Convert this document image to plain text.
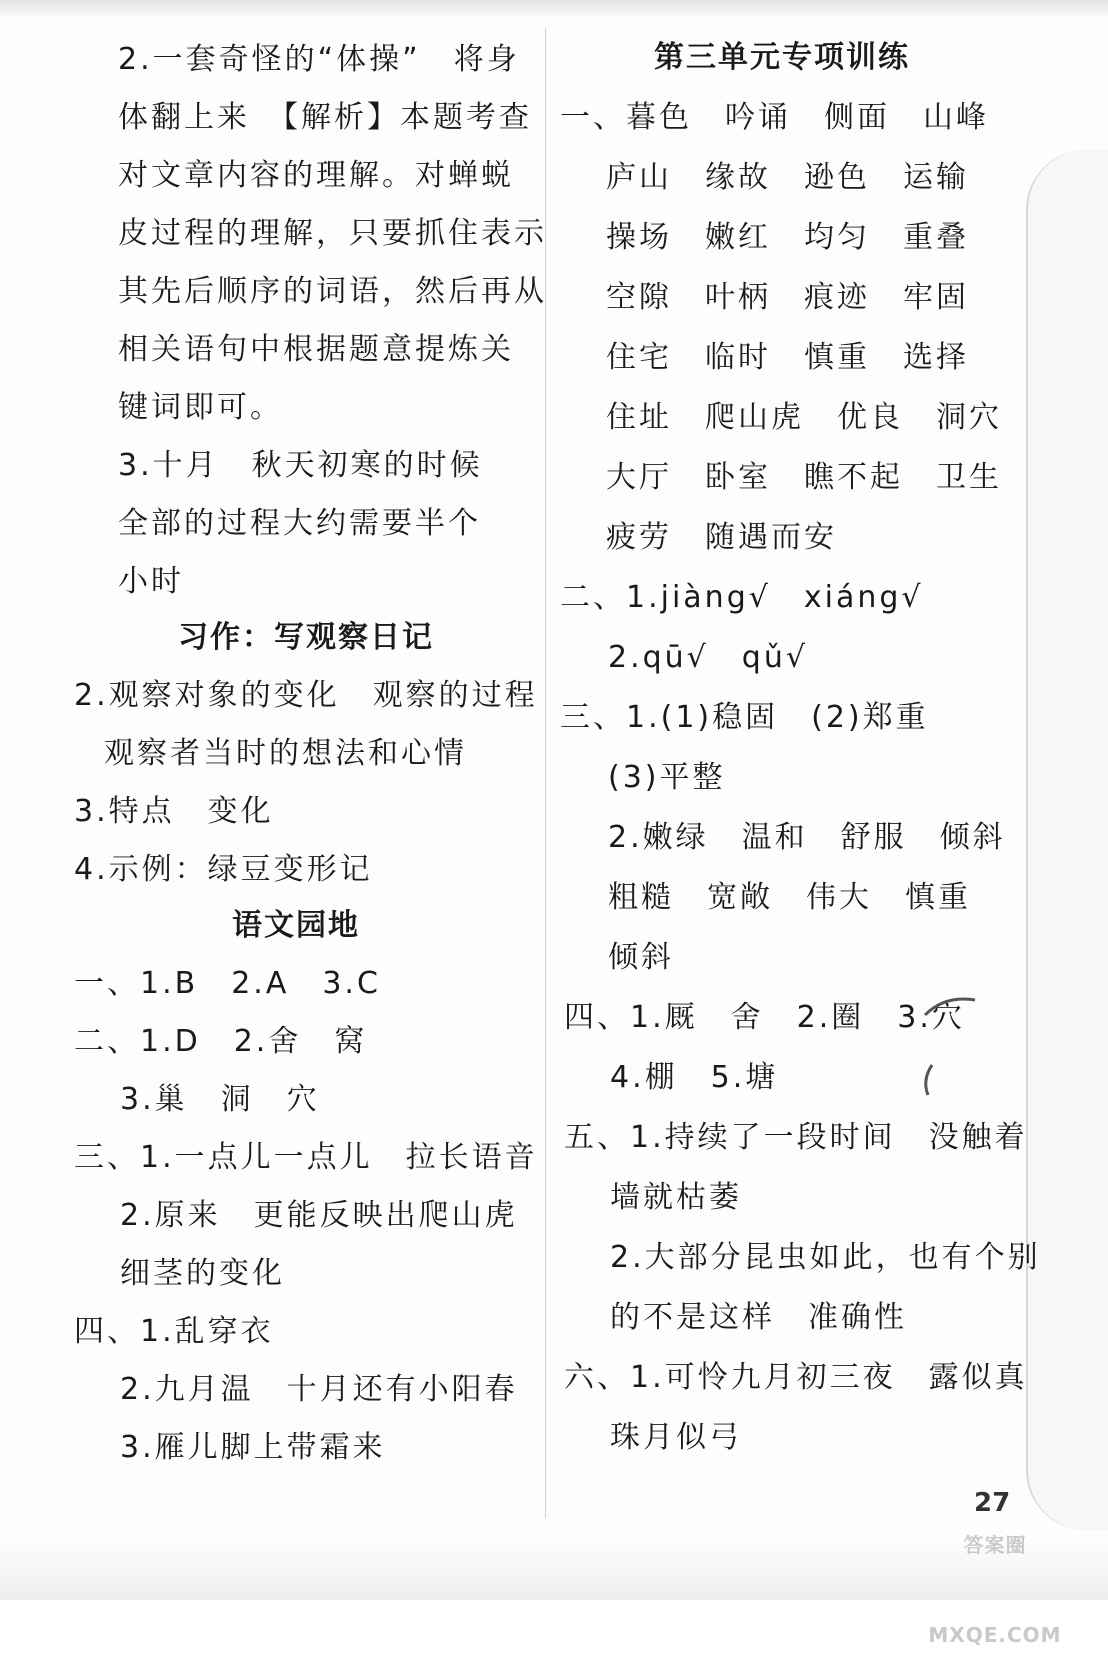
2.一套奇怪的“体操”　将身
体翻上来　【解析】本题考查
对文章内容的理解。对蝉蜕
皮过程的理解，只要抓住表示
其先后顺序的词语，然后再从
相关语句中根据题意提炼关
键词即可。
3.十月　秋天初寒的时候
全部的过程大约需要半个
小时
习作：写观察日记
2.观察对象的变化　观察的过程
观察者当时的想法和心情
3.特点　变化
4.示例：绿豆变形记
语文园地
一、1.B　2.A　3.C
二、1.D　2.舍　窝
3.巢　洞　穴
三、1.一点儿一点儿　拉长语音
2.原来　更能反映出爬山虎
细茎的变化
四、1.乱穿衣
2.九月温　十月还有小阳春
3.雁儿脚上带霜来
第三单元专项训练
一、暮色　吟诵　侧面　山峰
庐山　缘故　逊色　运输
操场　嫩红　均匀　重叠
空隙　叶柄　痕迹　牢固
住宅　临时　慎重　选择
住址　爬山虎　优良　洞穴
大厅　卧室　瞧不起　卫生
疲劳　随遇而安
二、1.jiàng√　xiáng√
2.qū√　qǔ√
三、1.(1)稳固　(2)郑重
(3)平整
2.嫩绿　温和　舒服　倾斜
粗糙　宽敞　伟大　慎重
倾斜
四、1.厩　舍　2.圈　3.穴
4.棚　5.塘
五、1.持续了一段时间　没触着
墙就枯萎
2.大部分昆虫如此，也有个别
的不是这样　准确性
六、1.可怜九月初三夜　露似真
珠月似弓
27
答案圈 MXQE.COM
